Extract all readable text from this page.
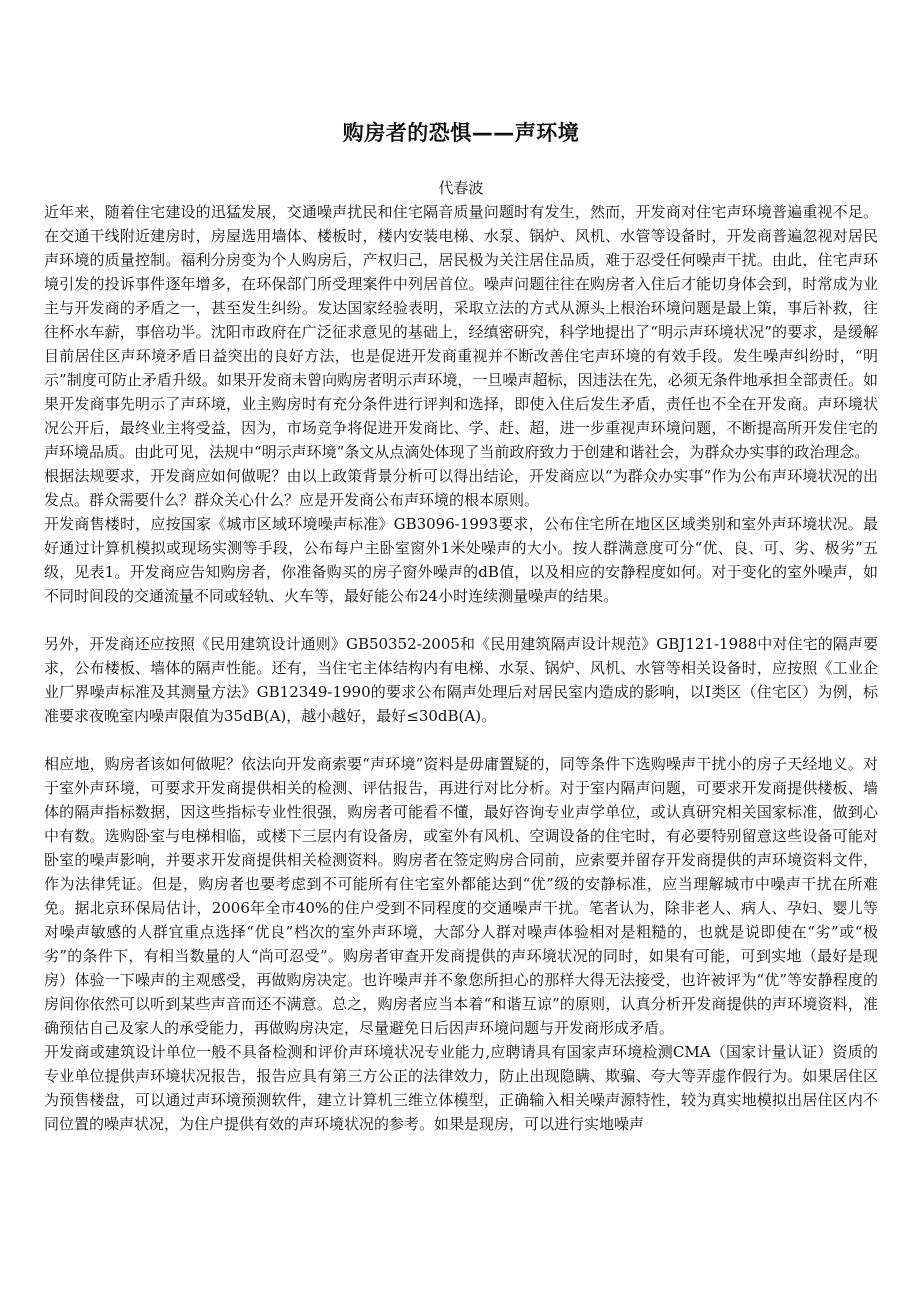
购房者的恐惧——声环境
代春波

近年来，随着住宅建设的迅猛发展，交通噪声扰民和住宅隔音质量问题时有发生，然而，开发商对住宅声环境普遍重视不足。在交通干线附近建房时，房屋选用墙体、楼板时，楼内安装电梯、水泵、锅炉、风机、水管等设备时，开发商普遍忽视对居民声环境的质量控制。福利分房变为个人购房后，产权归己，居民极为关注居住品质，难于忍受任何噪声干扰。由此，住宅声环境引发的投诉事件逐年增多，在环保部门所受理案件中列居首位。噪声问题往往在购房者入住后才能切身体会到，时常成为业主与开发商的矛盾之一，甚至发生纠纷。发达国家经验表明，采取立法的方式从源头上根治环境问题是最上策，事后补救，往往杯水车薪，事倍功半。沈阳市政府在广泛征求意见的基础上，经缜密研究，科学地提出了“明示声环境状况”的要求，是缓解目前居住区声环境矛盾日益突出的良好方法，也是促进开发商重视并不断改善住宅声环境的有效手段。发生噪声纠纷时，“明示”制度可防止矛盾升级。如果开发商未曾向购房者明示声环境，一旦噪声超标，因违法在先，必须无条件地承担全部责任。如果开发商事先明示了声环境，业主购房时有充分条件进行评判和选择，即使入住后发生矛盾，责任也不全在开发商。声环境状况公开后，最终业主将受益，因为，市场竞争将促进开发商比、学、赶、超，进一步重视声环境问题，不断提高所开发住宅的声环境品质。由此可见，法规中“明示声环境”条文从点滴处体现了当前政府致力于创建和谐社会，为群众办实事的政治理念。

根据法规要求，开发商应如何做呢？由以上政策背景分析可以得出结论，开发商应以“为群众办实事”作为公布声环境状况的出发点。群众需要什么？群众关心什么？应是开发商公布声环境的根本原则。

开发商售楼时，应按国家《城市区域环境噪声标准》GB3096-1993要求，公布住宅所在地区区域类别和室外声环境状况。最好通过计算机模拟或现场实测等手段，公布每户主卧室窗外1米处噪声的大小。按人群满意度可分“优、良、可、劣、极劣”五级，见表1。开发商应告知购房者，你准备购买的房子窗外噪声的dB值，以及相应的安静程度如何。对于变化的室外噪声，如不同时间段的交通流量不同或轻轨、火车等，最好能公布24小时连续测量噪声的结果。

另外，开发商还应按照《民用建筑设计通则》GB50352-2005和《民用建筑隔声设计规范》GBJ121-1988中对住宅的隔声要求，公布楼板、墙体的隔声性能。还有，当住宅主体结构内有电梯、水泵、锅炉、风机、水管等相关设备时，应按照《工业企业厂界噪声标准及其测量方法》GB12349-1990的要求公布隔声处理后对居民室内造成的影响，以I类区（住宅区）为例，标准要求夜晚室内噪声限值为35dB(A)，越小越好，最好≤30dB(A)。

相应地，购房者该如何做呢？依法向开发商索要“声环境”资料是毋庸置疑的，同等条件下选购噪声干扰小的房子天经地义。对于室外声环境，可要求开发商提供相关的检测、评估报告，再进行对比分析。对于室内隔声问题，可要求开发商提供楼板、墙体的隔声指标数据，因这些指标专业性很强，购房者可能看不懂，最好咨询专业声学单位，或认真研究相关国家标准，做到心中有数。选购卧室与电梯相临，或楼下三层内有设备房，或室外有风机、空调设备的住宅时，有必要特别留意这些设备可能对卧室的噪声影响，并要求开发商提供相关检测资料。购房者在签定购房合同前，应索要并留存开发商提供的声环境资料文件，作为法律凭证。但是，购房者也要考虑到不可能所有住宅室外都能达到“优”级的安静标准，应当理解城市中噪声干扰在所难免。据北京环保局估计，2006年全市40%的住户受到不同程度的交通噪声干扰。笔者认为，除非老人、病人、孕妇、婴儿等对噪声敏感的人群宜重点选择“优良”档次的室外声环境，大部分人群对噪声体验相对是粗糙的，也就是说即使在“劣”或“极劣”的条件下，有相当数量的人“尚可忍受”。购房者审查开发商提供的声环境状况的同时，如果有可能，可到实地（最好是现房）体验一下噪声的主观感受，再做购房决定。也许噪声并不象您所担心的那样大得无法接受，也许被评为“优”等安静程度的房间你依然可以听到某些声音而还不满意。总之，购房者应当本着“和谐互谅”的原则，认真分析开发商提供的声环境资料，准确预估自己及家人的承受能力，再做购房决定，尽量避免日后因声环境问题与开发商形成矛盾。

开发商或建筑设计单位一般不具备检测和评价声环境状况专业能力,应聘请具有国家声环境检测CMA（国家计量认证）资质的专业单位提供声环境状况报告，报告应具有第三方公正的法律效力，防止出现隐瞒、欺骗、夸大等弄虚作假行为。如果居住区为预售楼盘，可以通过声环境预测软件，建立计算机三维立体模型，正确输入相关噪声源特性，较为真实地模拟出居住区内不同位置的噪声状况，为住户提供有效的声环境状况的参考。如果是现房，可以进行实地噪声
